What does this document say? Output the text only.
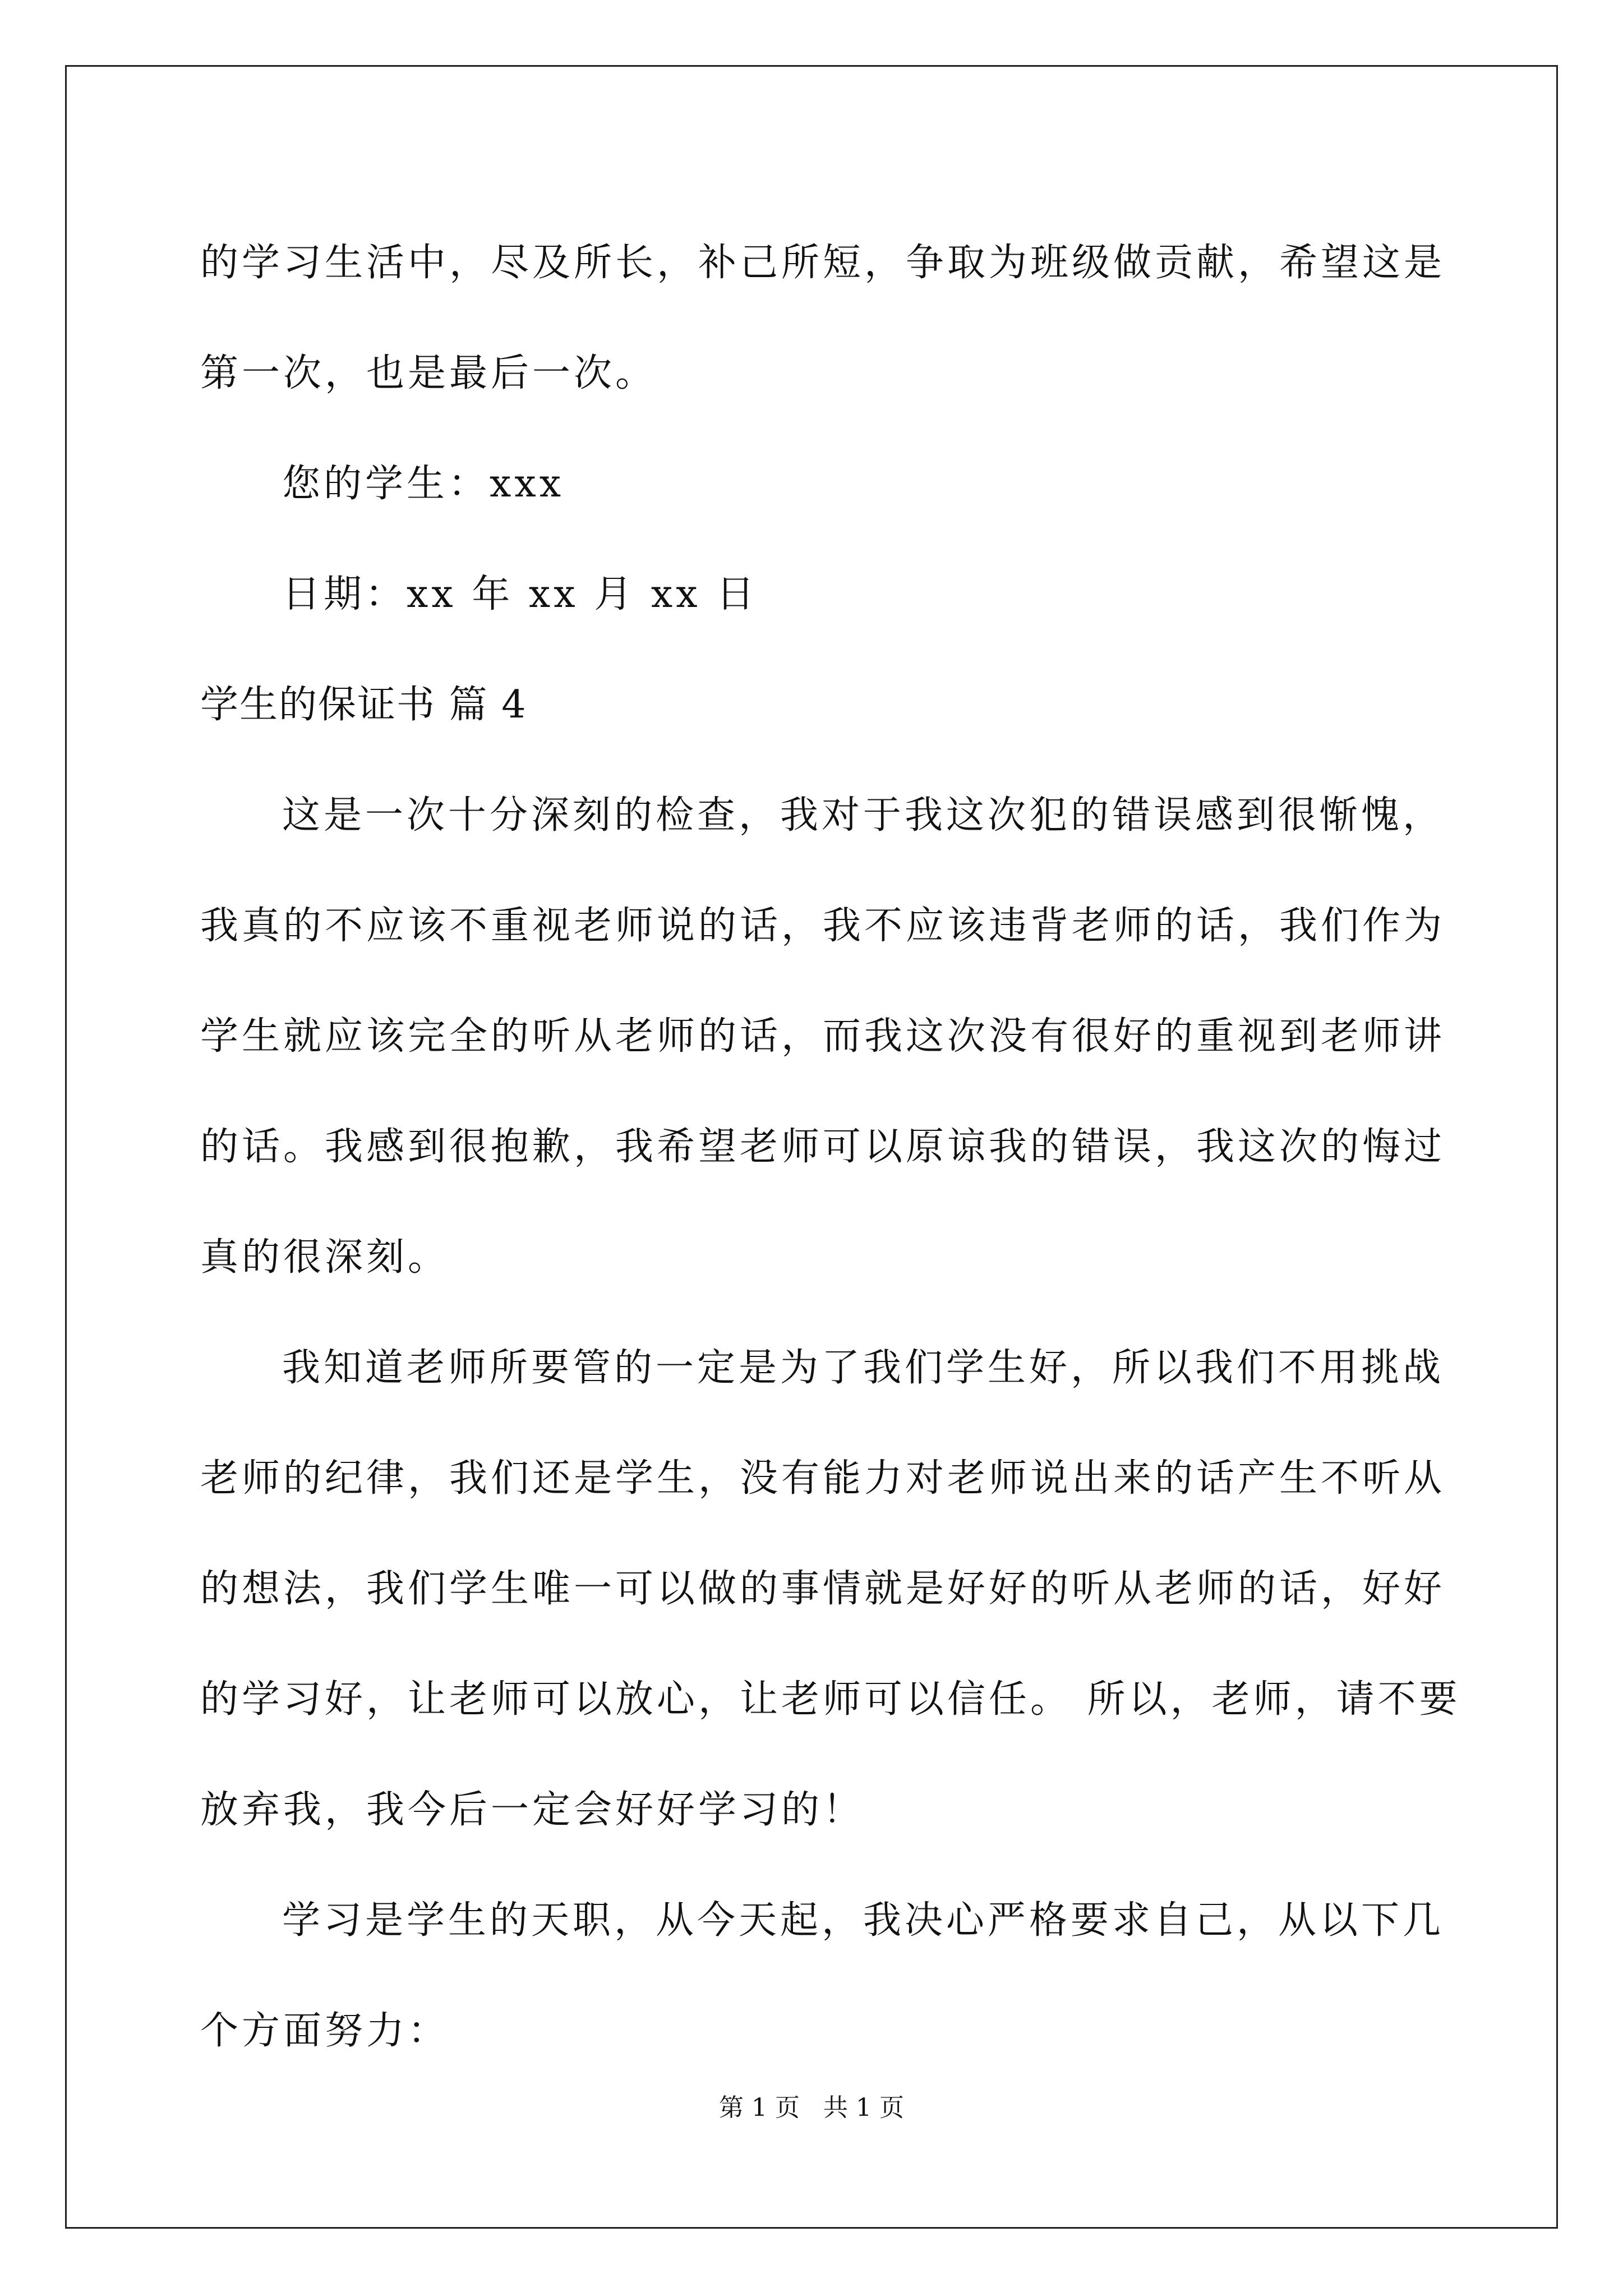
的学习生活中，尽及所长，补己所短，争取为班级做贡献，希望这是
第一次，也是最后一次。
您的学生：xxx
日期：xx 年 xx 月 xx 日
学生的保证书 篇 4
这是一次十分深刻的检查，我对于我这次犯的错误感到很惭愧，
我真的不应该不重视老师说的话，我不应该违背老师的话，我们作为
学生就应该完全的听从老师的话，而我这次没有很好的重视到老师讲
的话。我感到很抱歉，我希望老师可以原谅我的错误，我这次的悔过
真的很深刻。
我知道老师所要管的一定是为了我们学生好，所以我们不用挑战
老师的纪律，我们还是学生，没有能力对老师说出来的话产生不听从
的想法，我们学生唯一可以做的事情就是好好的听从老师的话，好好
的学习好，让老师可以放心，让老师可以信任。 所以，老师，请不要
放弃我，我今后一定会好好学习的！
学习是学生的天职，从今天起，我决心严格要求自己，从以下几
个方面努力：
第 1 页   共 1 页
